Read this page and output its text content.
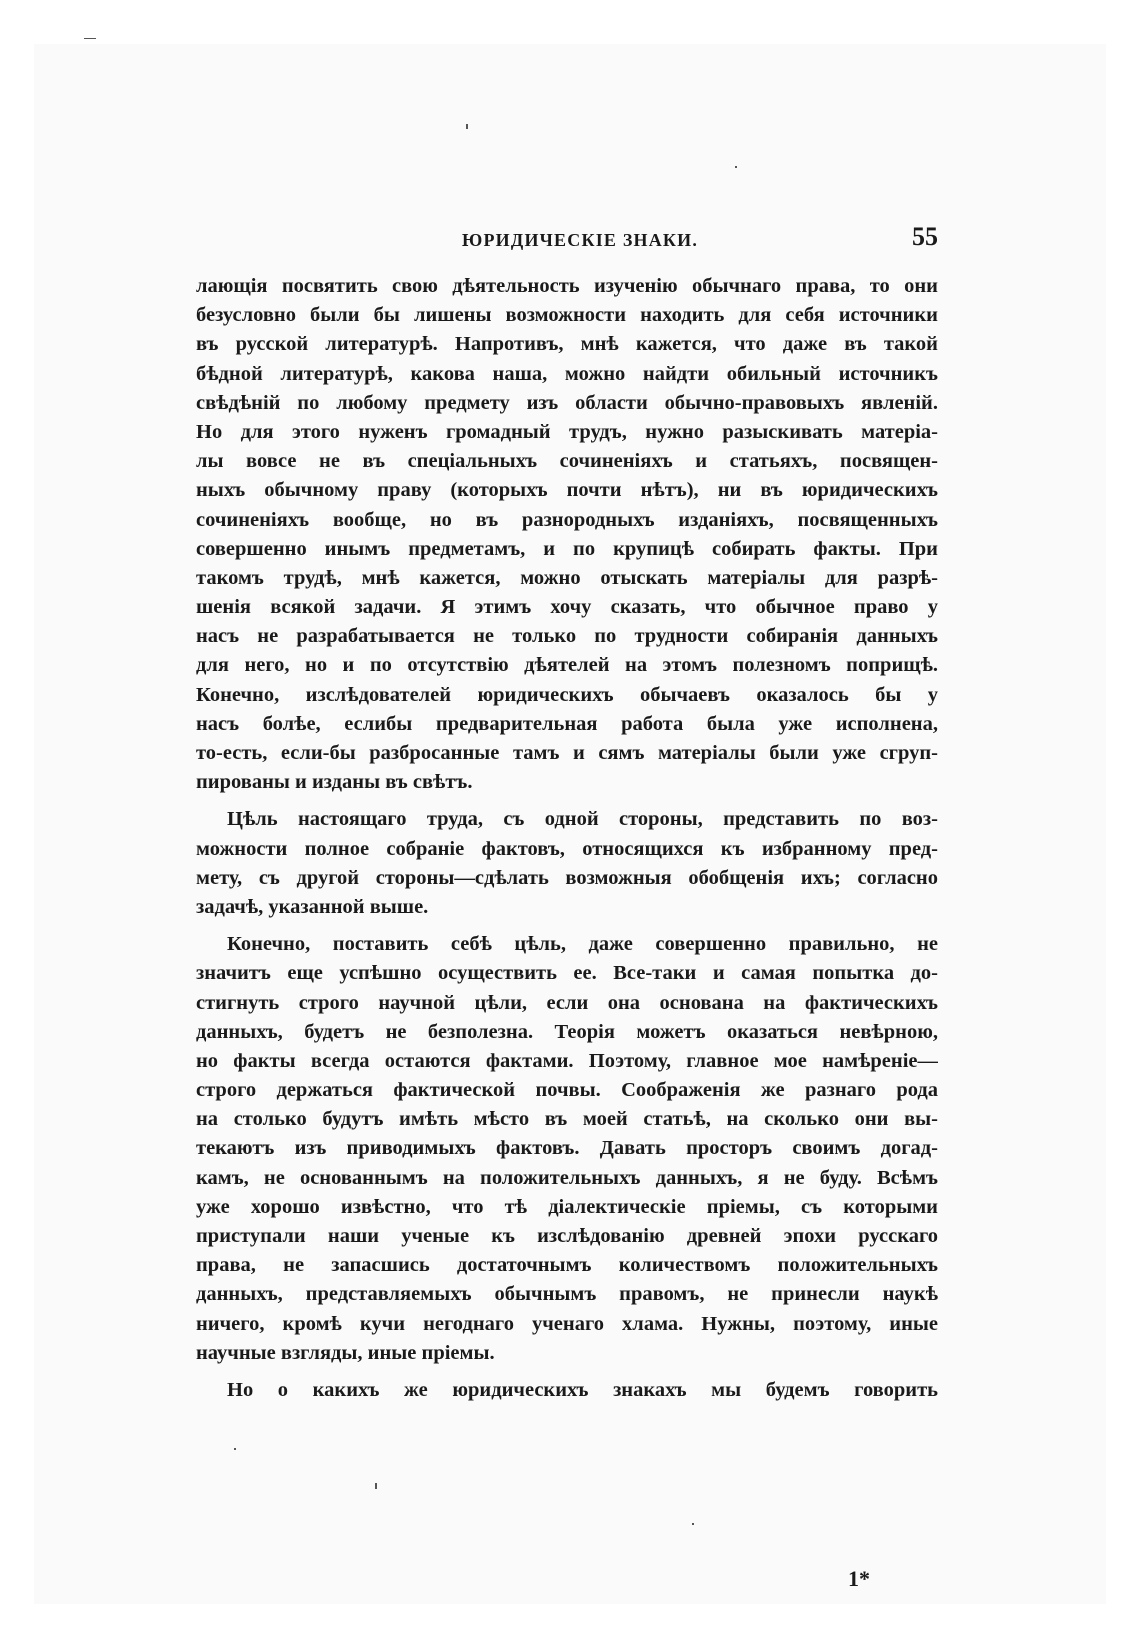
ЮРИДИЧЕСКІЕ ЗНАКИ.	55
лающія посвятить свою дѣятельность изученію обычнаго права, то они
безусловно были бы лишены возможности находить для себя источники
въ русской литературѣ. Напротивъ, мнѣ кажется, что даже въ такой
бѣдной литературѣ, какова наша, можно найдти обильный источникъ
свѣдѣній по любому предмету изъ области обычно-правовыхъ явленій.
Но для этого нуженъ громадный трудъ, нужно разыскивать матеріа-
лы вовсе не въ спеціальныхъ сочиненіяхъ и статьяхъ, посвящен-
ныхъ обычному праву (которыхъ почти нѣтъ), ни въ юридическихъ
сочиненіяхъ вообще, но въ разнородныхъ изданіяхъ, посвященныхъ
совершенно инымъ предметамъ, и по крупицѣ собирать факты. При
такомъ трудѣ, мнѣ кажется, можно отыскать матеріалы для разрѣ-
шенія всякой задачи. Я этимъ хочу сказать, что обычное право у
насъ не разрабатывается не только по трудности собиранія данныхъ
для него, но и по отсутствію дѣятелей на этомъ полезномъ поприщѣ.
Конечно, изслѣдователей юридическихъ обычаевъ оказалось бы у
насъ болѣе, еслибы предварительная работа была уже исполнена,
то-есть, если-бы разбросанные тамъ и сямъ матеріалы были уже сгруп-
пированы и изданы въ свѣтъ.
Цѣль настоящаго труда, съ одной стороны, представить по воз-
можности полное собраніе фактовъ, относящихся къ избранному пред-
мету, съ другой стороны—сдѣлать возможныя обобщенія ихъ; согласно
задачѣ, указанной выше.
Конечно, поставить себѣ цѣль, даже совершенно правильно, не
значитъ еще успѣшно осуществить ее. Все-таки и самая попытка до-
стигнуть строго научной цѣли, если она основана на фактическихъ
данныхъ, будетъ не безполезна. Теорія можетъ оказаться невѣрною,
но факты всегда остаются фактами. Поэтому, главное мое намѣреніе—
строго держаться фактической почвы. Соображенія же разнаго рода
на столько будутъ имѣть мѣсто въ моей статьѣ, на сколько они вы-
текаютъ изъ приводимыхъ фактовъ. Давать просторъ своимъ догад-
камъ, не основаннымъ на положительныхъ данныхъ, я не буду. Всѣмъ
уже хорошо извѣстно, что тѣ діалектическіе пріемы, съ которыми
приступали наши ученые къ изслѣдованію древней эпохи русскаго
права, не запасшись достаточнымъ количествомъ положительныхъ
данныхъ, представляемыхъ обычнымъ правомъ, не принесли наукѣ
ничего, кромѣ кучи негоднаго ученаго хлама. Нужны, поэтому, иные
научные взгляды, иные пріемы.
Но о какихъ же юридическихъ знакахъ мы будемъ говорить
1*
